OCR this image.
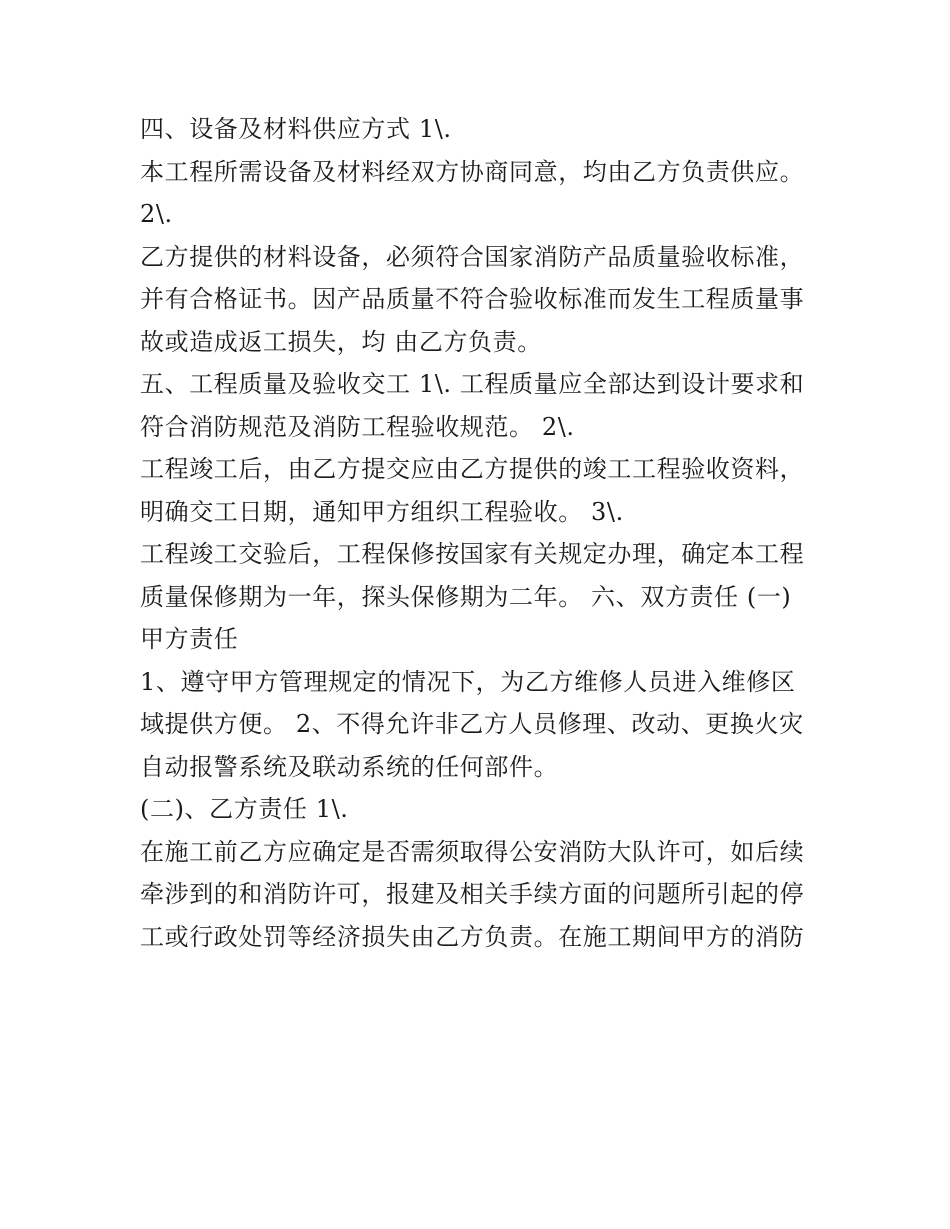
四、设备及材料供应方式 1\.
本工程所需设备及材料经双方协商同意，均由乙方负责供应。
2\.
乙方提供的材料设备，必须符合国家消防产品质量验收标准，
并有合格证书。因产品质量不符合验收标准而发生工程质量事
故或造成返工损失，均 由乙方负责。
五、工程质量及验收交工 1\. 工程质量应全部达到设计要求和
符合消防规范及消防工程验收规范。 2\.
工程竣工后，由乙方提交应由乙方提供的竣工工程验收资料，
明确交工日期，通知甲方组织工程验收。 3\.
工程竣工交验后，工程保修按国家有关规定办理，确定本工程
质量保修期为一年，探头保修期为二年。 六、双方责任 (一)
甲方责任
1、遵守甲方管理规定的情况下，为乙方维修人员进入维修区
域提供方便。 2、不得允许非乙方人员修理、改动、更换火灾
自动报警系统及联动系统的任何部件。
(二)、乙方责任 1\.
在施工前乙方应确定是否需须取得公安消防大队许可，如后续
牵涉到的和消防许可，报建及相关手续方面的问题所引起的停
工或行政处罚等经济损失由乙方负责。在施工期间甲方的消防
